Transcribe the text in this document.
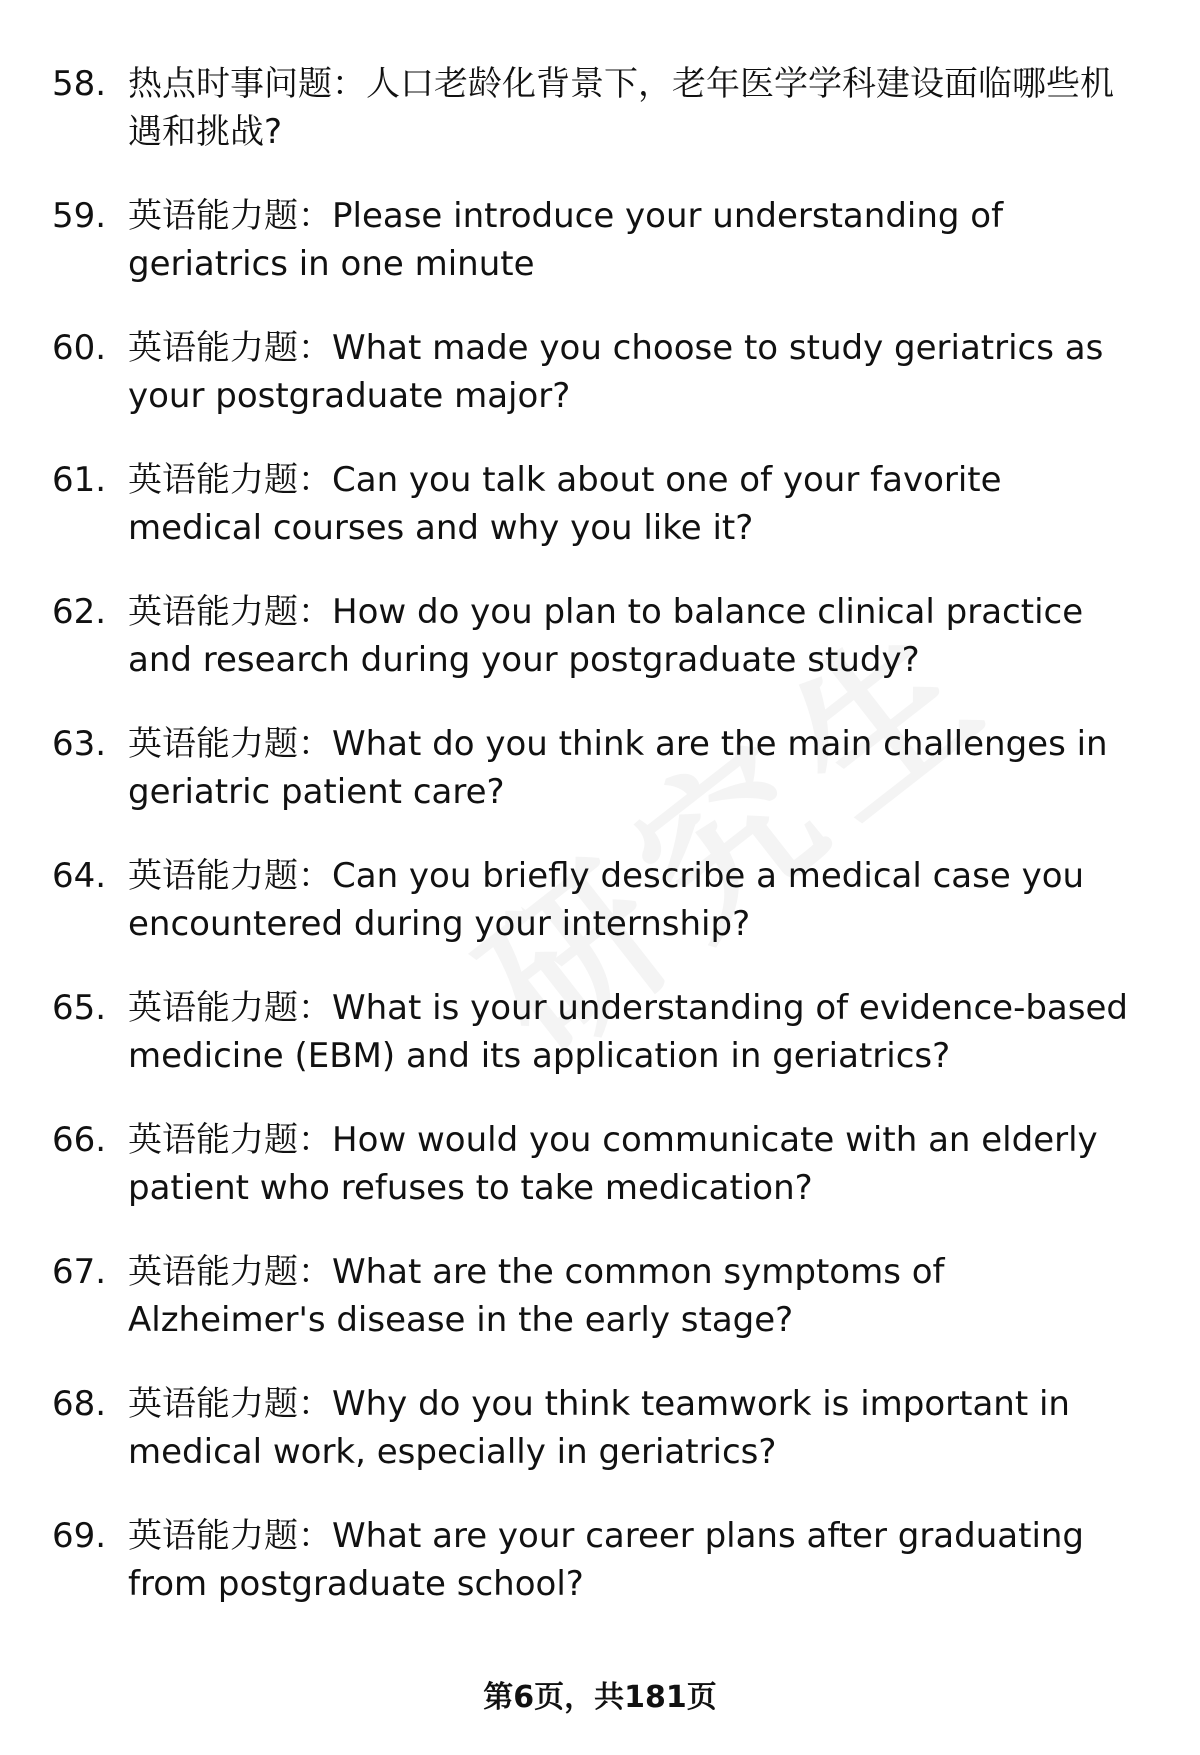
58. 热点时事问题：人口老龄化背景下，老年医学学科建设面临哪些机遇和挑战?
59. 英语能力题：Please introduce your understanding of geriatrics in one minute
60. 英语能力题：What made you choose to study geriatrics as your postgraduate major?
61. 英语能力题：Can you talk about one of your favorite medical courses and why you like it?
62. 英语能力题：How do you plan to balance clinical practice and research during your postgraduate study?
63. 英语能力题：What do you think are the main challenges in geriatric patient care?
64. 英语能力题：Can you briefly describe a medical case you encountered during your internship?
65. 英语能力题：What is your understanding of evidence-based medicine (EBM) and its application in geriatrics?
66. 英语能力题：How would you communicate with an elderly patient who refuses to take medication?
67. 英语能力题：What are the common symptoms of Alzheimer's disease in the early stage?
68. 英语能力题：Why do you think teamwork is important in medical work, especially in geriatrics?
69. 英语能力题：What are your career plans after graduating from postgraduate school?
第6页，共181页
